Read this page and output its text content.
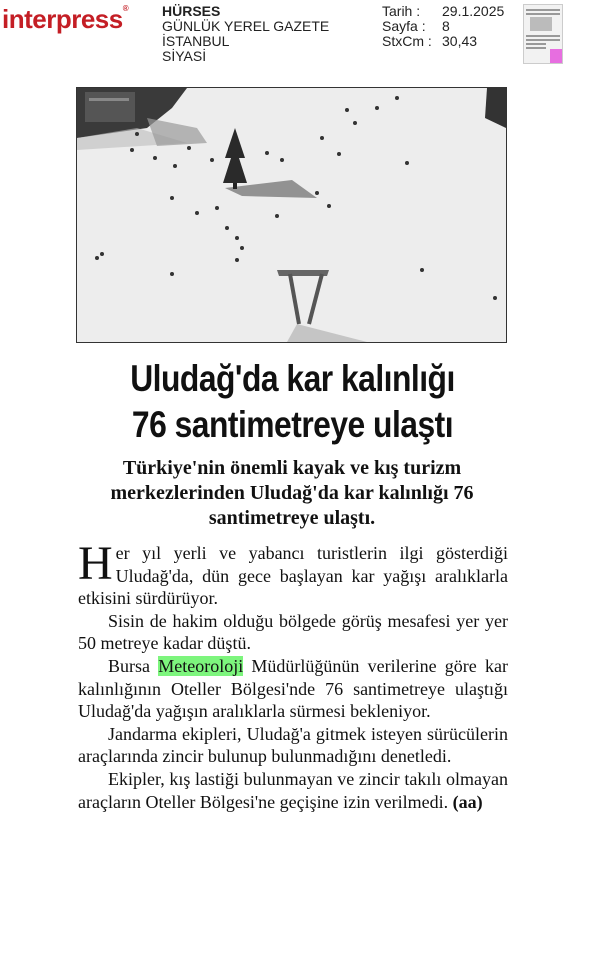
interpress® HÜRSES
GÜNLÜK YEREL GAZETE
İSTANBUL
SİYASİ
Tarih :	29.1.2025
Sayfa :	8
StxCm : 30,43
Uludağ'da kar kalınlığı
76 santimetreye ulaştı
Türkiye'nin önemli kayak ve kış turizm merkezlerinden Uludağ'da kar kalınlığı 76 santimetreye ulaştı.

Her yıl yerli ve yabancı turistlerin ilgi gösterdiği Uludağ'da, dün gece başlayan kar yağışı aralıklarla etkisini sürdürüyor.

Sisin de hakim olduğu bölgede görüş mesafesi yer yer 50 metreye kadar düştü.

Bursa Meteoroloji Müdürlüğünün verilerine göre kar kalınlığının Oteller Bölgesi'nde 76 santimetreye ulaştığı Uludağ'da yağışın aralıklarla sürmesi bekleniyor.

Jandarma ekipleri, Uludağ'a gitmek isteyen sürücülerin araçlarında zincir bulunup bulunmadığını denetledi.

Ekipler, kış lastiği bulunmayan ve zincir takılı olmayan araçların Oteller Bölgesi'ne geçişine izin verilmedi. (aa)
